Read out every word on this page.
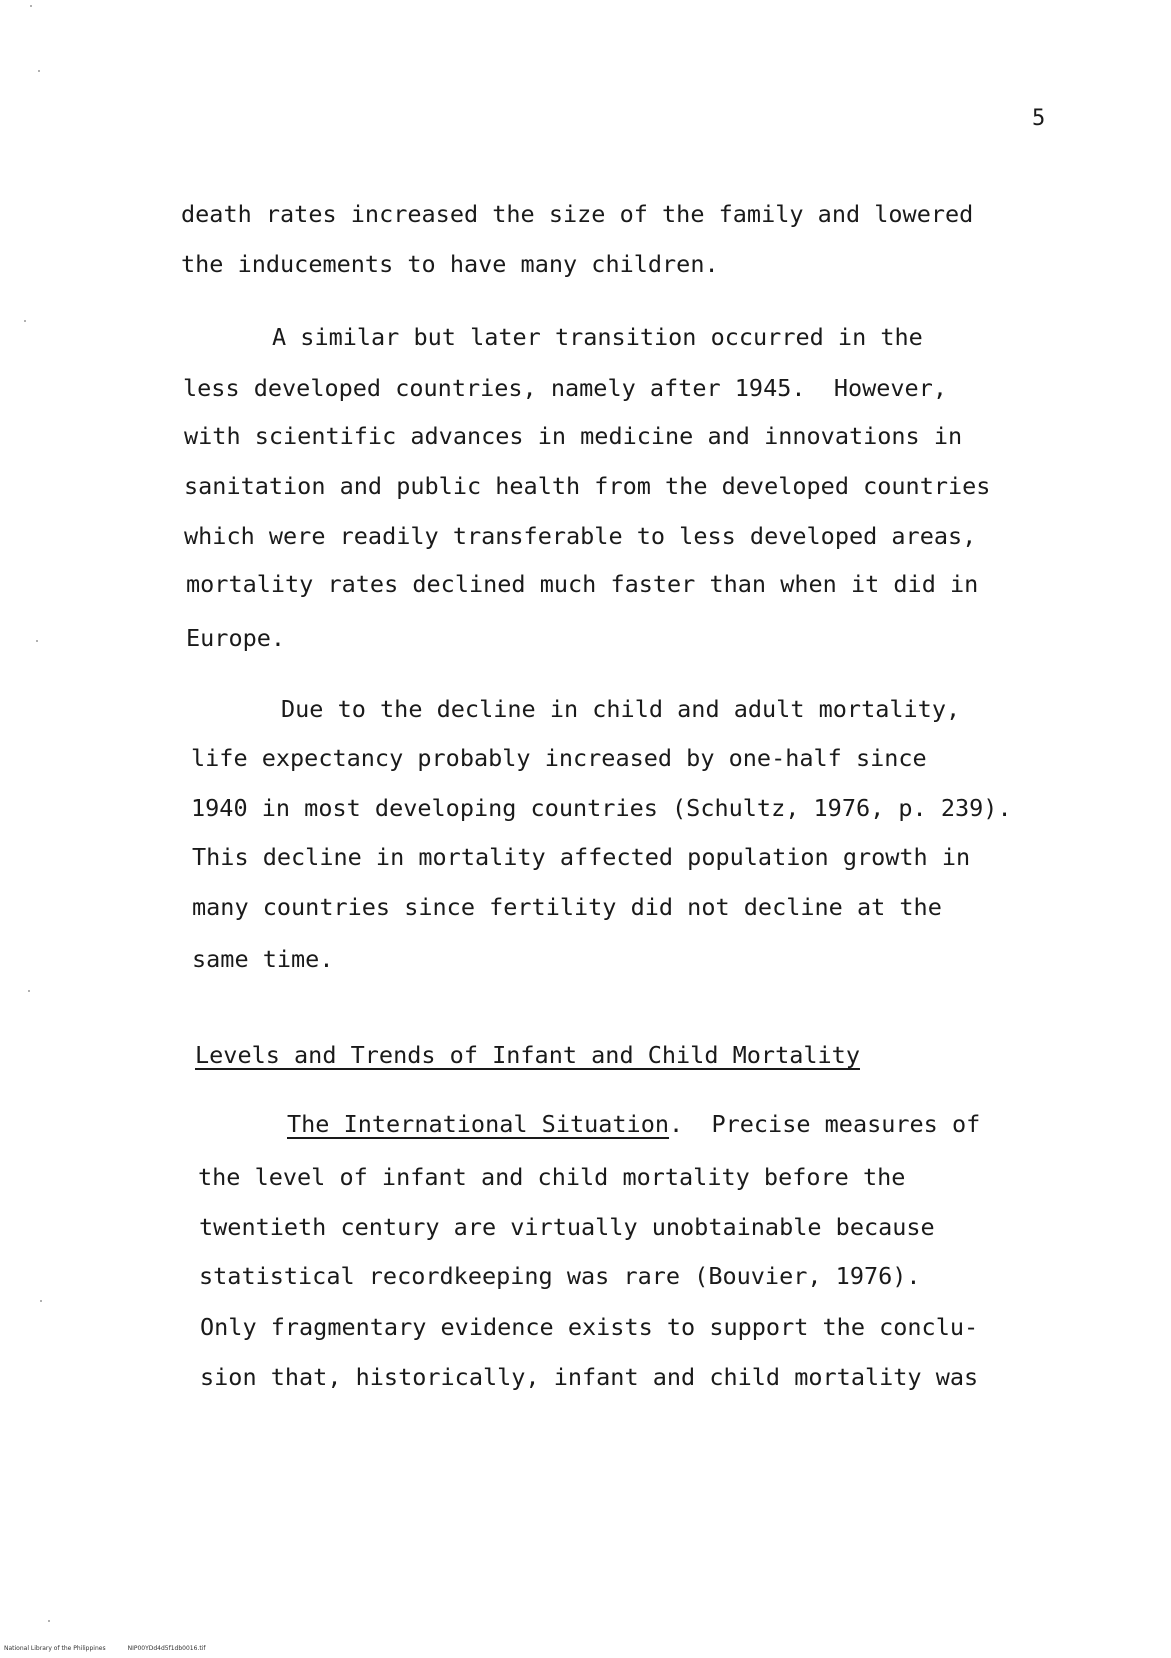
5
death rates increased the size of the family and lowered
the inducements to have many children.
A similar but later transition occurred in the
less developed countries, namely after 1945.  However,
with scientific advances in medicine and innovations in
sanitation and public health from the developed countries
which were readily transferable to less developed areas,
mortality rates declined much faster than when it did in
Europe.
Due to the decline in child and adult mortality,
life expectancy probably increased by one-half since
1940 in most developing countries (Schultz, 1976, p. 239).
This decline in mortality affected population growth in
many countries since fertility did not decline at the
same time.
Levels and Trends of Infant and Child Mortality
The International Situation.  Precise measures of
the level of infant and child mortality before the
twentieth century are virtually unobtainable because
statistical recordkeeping was rare (Bouvier, 1976).
Only fragmentary evidence exists to support the conclu-
sion that, historically, infant and child mortality was
National Library of the Philippines	NIP00YDd4d5f1db0016.tif
